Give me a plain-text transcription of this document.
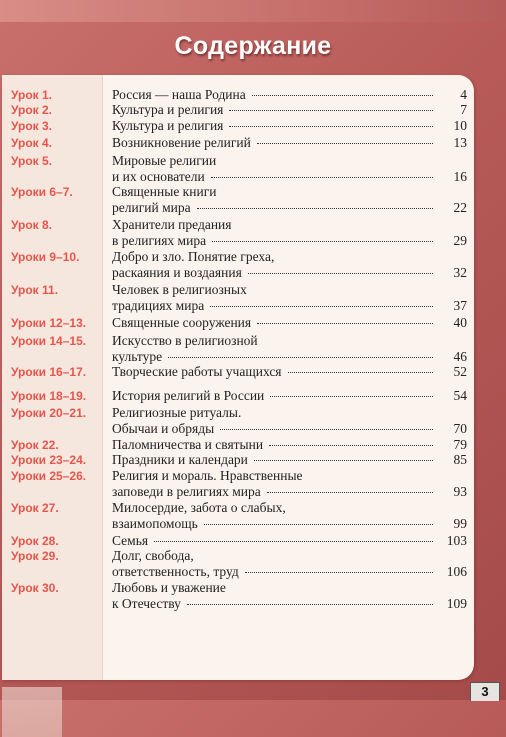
Содержание
Урок 1.	Россия — наша Родина	4
Урок 2.	Культура и религия	7
Урок 3.	Культура и религия	10
Урок 4.	Возникновение религий	13
Урок 5.	Мировые религии
и их основатели	16
Уроки 6–7.	Священные книги
религий мира	22
Урок 8.	Хранители предания
в религиях мира	29
Уроки 9–10. Добро и зло. Понятие греха,
раскаяния и воздаяния	32
Урок 11.	Человек в религиозных
традициях мира	37
Уроки 12–13. Священные сооружения	40
Уроки 14–15. Искусство в религиозной
культуре	46
Уроки 16–17. Творческие работы учащихся	52
Уроки 18–19. История религий в России	54
Уроки 20–21. Религиозные ритуалы.
Обычаи и обряды	70
Урок 22.	Паломничества и святыни	79
Уроки 23–24. Праздники и календари	85
Уроки 25–26. Религия и мораль. Нравственные
заповеди в религиях мира	93
Урок 27.	Милосердие, забота о слабых,
взаимопомощь	99
Урок 28.	Семья	103
Урок 29.	Долг, свобода,
ответственность, труд	106
Урок 30.	Любовь и уважение
к Отечеству	109
3
